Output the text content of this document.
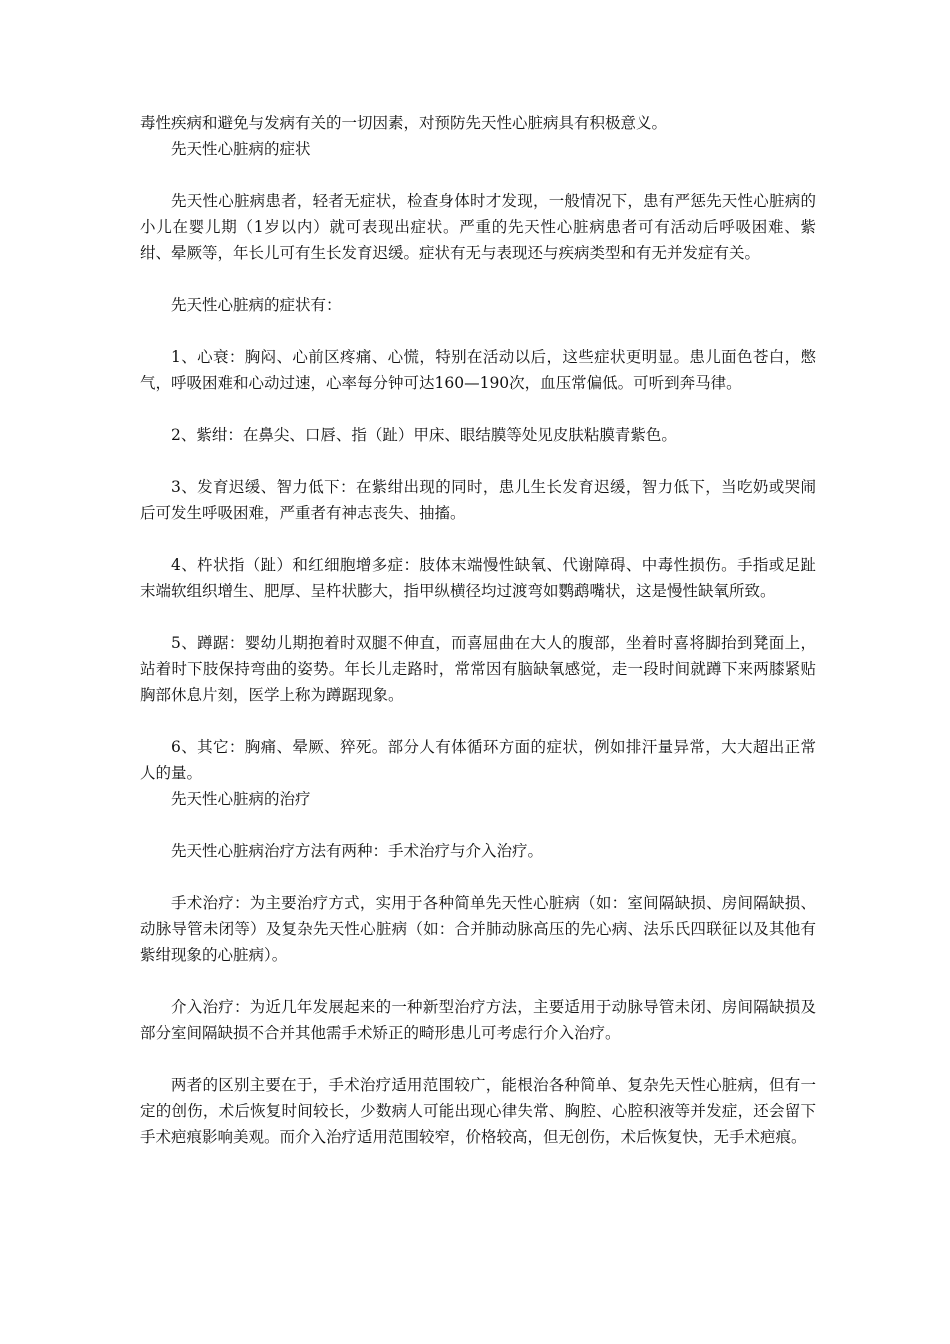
毒性疾病和避免与发病有关的一切因素，对预防先天性心脏病具有积极意义。

先天性心脏病的症状

先天性心脏病患者，轻者无症状，检查身体时才发现，一般情况下，患有严惩先天性心脏病的小儿在婴儿期（1岁以内）就可表现出症状。严重的先天性心脏病患者可有活动后呼吸困难、紫绀、晕厥等，年长儿可有生长发育迟缓。症状有无与表现还与疾病类型和有无并发症有关。

先天性心脏病的症状有：

1、心衰：胸闷、心前区疼痛、心慌，特别在活动以后，这些症状更明显。患儿面色苍白，憋气，呼吸困难和心动过速，心率每分钟可达160—190次，血压常偏低。可听到奔马律。

2、紫绀：在鼻尖、口唇、指（趾）甲床、眼结膜等处见皮肤粘膜青紫色。

3、发育迟缓、智力低下：在紫绀出现的同时，患儿生长发育迟缓，智力低下，当吃奶或哭闹后可发生呼吸困难，严重者有神志丧失、抽搐。

4、杵状指（趾）和红细胞增多症：肢体末端慢性缺氧、代谢障碍、中毒性损伤。手指或足趾末端软组织增生、肥厚、呈杵状膨大，指甲纵横径均过渡弯如鹦鹉嘴状，这是慢性缺氧所致。

5、蹲踞：婴幼儿期抱着时双腿不伸直，而喜屈曲在大人的腹部，坐着时喜将脚抬到凳面上，站着时下肢保持弯曲的姿势。年长儿走路时，常常因有脑缺氧感觉，走一段时间就蹲下来两膝紧贴胸部休息片刻，医学上称为蹲踞现象。

6、其它：胸痛、晕厥、猝死。部分人有体循环方面的症状，例如排汗量异常，大大超出正常人的量。

先天性心脏病的治疗

先天性心脏病治疗方法有两种：手术治疗与介入治疗。

手术治疗：为主要治疗方式，实用于各种简单先天性心脏病（如：室间隔缺损、房间隔缺损、动脉导管未闭等）及复杂先天性心脏病（如：合并肺动脉高压的先心病、法乐氏四联征以及其他有紫绀现象的心脏病）。

介入治疗：为近几年发展起来的一种新型治疗方法，主要适用于动脉导管未闭、房间隔缺损及部分室间隔缺损不合并其他需手术矫正的畸形患儿可考虑行介入治疗。

两者的区别主要在于，手术治疗适用范围较广，能根治各种简单、复杂先天性心脏病，但有一定的创伤，术后恢复时间较长，少数病人可能出现心律失常、胸腔、心腔积液等并发症，还会留下手术疤痕影响美观。而介入治疗适用范围较窄，价格较高，但无创伤，术后恢复快，无手术疤痕。
